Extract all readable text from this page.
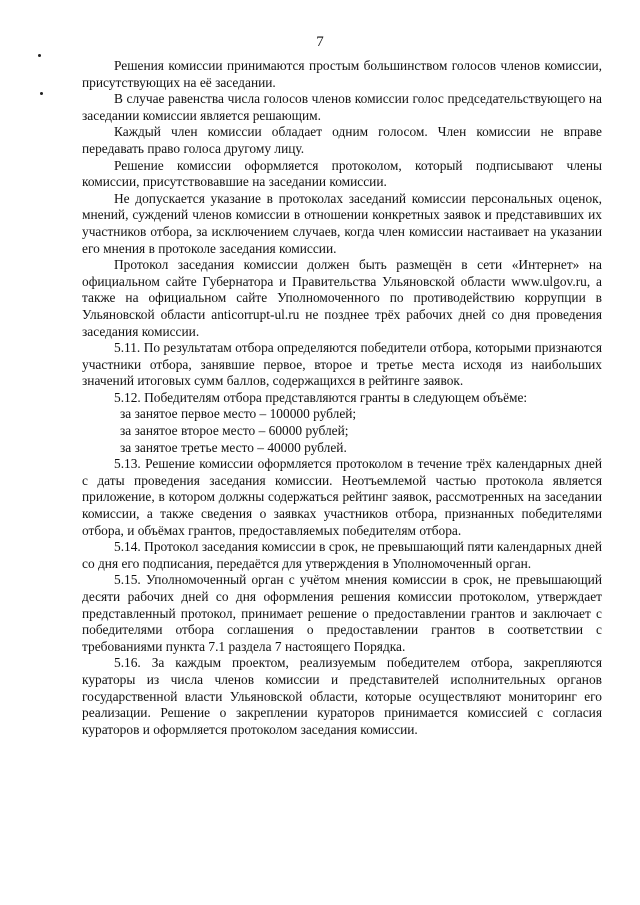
7

Решения комиссии принимаются простым большинством голосов членов комиссии, присутствующих на её заседании.

В случае равенства числа голосов членов комиссии голос председательствующего на заседании комиссии является решающим.

Каждый член комиссии обладает одним голосом. Член комиссии не вправе передавать право голоса другому лицу.

Решение комиссии оформляется протоколом, который подписывают члены комиссии, присутствовавшие на заседании комиссии.

Не допускается указание в протоколах заседаний комиссии персональных оценок, мнений, суждений членов комиссии в отношении конкретных заявок и представивших их участников отбора, за исключением случаев, когда член комиссии настаивает на указании его мнения в протоколе заседания комиссии.

Протокол заседания комиссии должен быть размещён в сети «Интернет» на официальном сайте Губернатора и Правительства Ульяновской области www.ulgov.ru, а также на официальном сайте Уполномоченного по противодействию коррупции в Ульяновской области anticorrupt-ul.ru не позднее трёх рабочих дней со дня проведения заседания комиссии.

5.11. По результатам отбора определяются победители отбора, которыми признаются участники отбора, занявшие первое, второе и третье места исходя из наибольших значений итоговых сумм баллов, содержащихся в рейтинге заявок.

5.12. Победителям отбора представляются гранты в следующем объёме:

за занятое первое место – 100000 рублей;

за занятое второе место – 60000 рублей;

за занятое третье место – 40000 рублей.

5.13. Решение комиссии оформляется протоколом в течение трёх календарных дней с даты проведения заседания комиссии. Неотъемлемой частью протокола является приложение, в котором должны содержаться рейтинг заявок, рассмотренных на заседании комиссии, а также сведения о заявках участников отбора, признанных победителями отбора, и объёмах грантов, предоставляемых победителям отбора.

5.14. Протокол заседания комиссии в срок, не превышающий пяти календарных дней со дня его подписания, передаётся для утверждения в Уполномоченный орган.

5.15. Уполномоченный орган с учётом мнения комиссии в срок, не превышающий десяти рабочих дней со дня оформления решения комиссии протоколом, утверждает представленный протокол, принимает решение о предоставлении грантов и заключает с победителями отбора соглашения о предоставлении грантов в соответствии с требованиями пункта 7.1 раздела 7 настоящего Порядка.

5.16. За каждым проектом, реализуемым победителем отбора, закрепляются кураторы из числа членов комиссии и представителей исполнительных органов государственной власти Ульяновской области, которые осуществляют мониторинг его реализации. Решение о закреплении кураторов принимается комиссией с согласия кураторов и оформляется протоколом заседания комиссии.
